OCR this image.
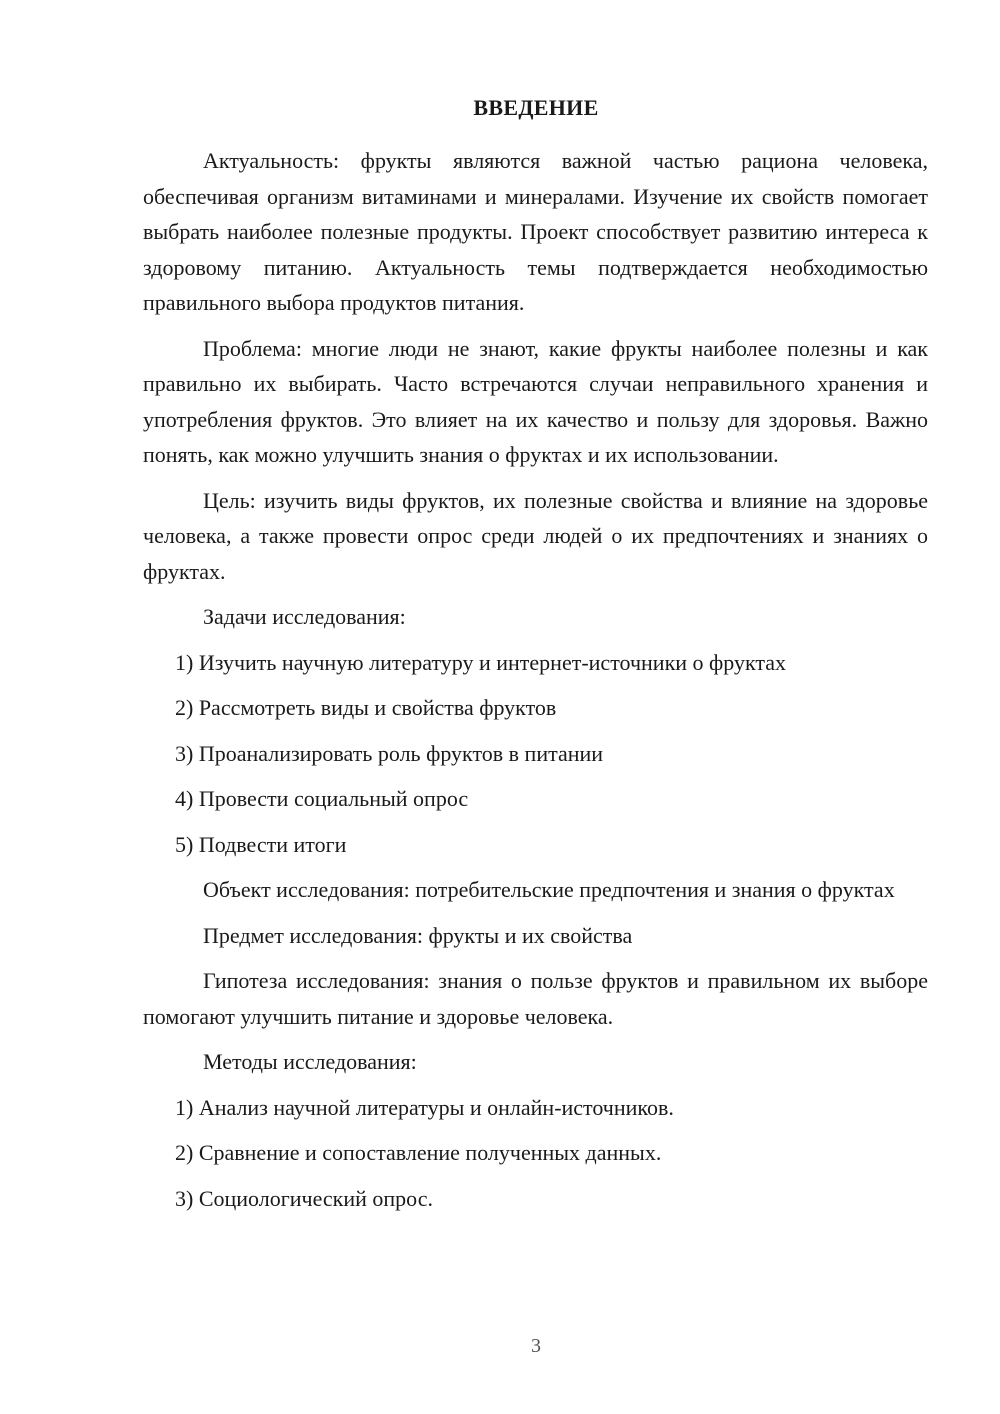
ВВЕДЕНИЕ

Актуальность: фрукты являются важной частью рациона человека, обеспечивая организм витаминами и минералами. Изучение их свойств помогает выбрать наиболее полезные продукты. Проект способствует развитию интереса к здоровому питанию. Актуальность темы подтверждается необходимостью правильного выбора продуктов питания.

Проблема: многие люди не знают, какие фрукты наиболее полезны и как правильно их выбирать. Часто встречаются случаи неправильного хранения и употребления фруктов. Это влияет на их качество и пользу для здоровья. Важно понять, как можно улучшить знания о фруктах и их использовании.

Цель: изучить виды фруктов, их полезные свойства и влияние на здоровье человека, а также провести опрос среди людей о их предпочтениях и знаниях о фруктах.

Задачи исследования:

1) Изучить научную литературу и интернет-источники о фруктах

2) Рассмотреть виды и свойства фруктов

3) Проанализировать роль фруктов в питании

4) Провести социальный опрос

5) Подвести итоги

Объект исследования: потребительские предпочтения и знания о фруктах

Предмет исследования: фрукты и их свойства

Гипотеза исследования: знания о пользе фруктов и правильном их выборе помогают улучшить питание и здоровье человека.

Методы исследования:

1) Анализ научной литературы и онлайн-источников.

2) Сравнение и сопоставление полученных данных.

3) Социологический опрос.

3
